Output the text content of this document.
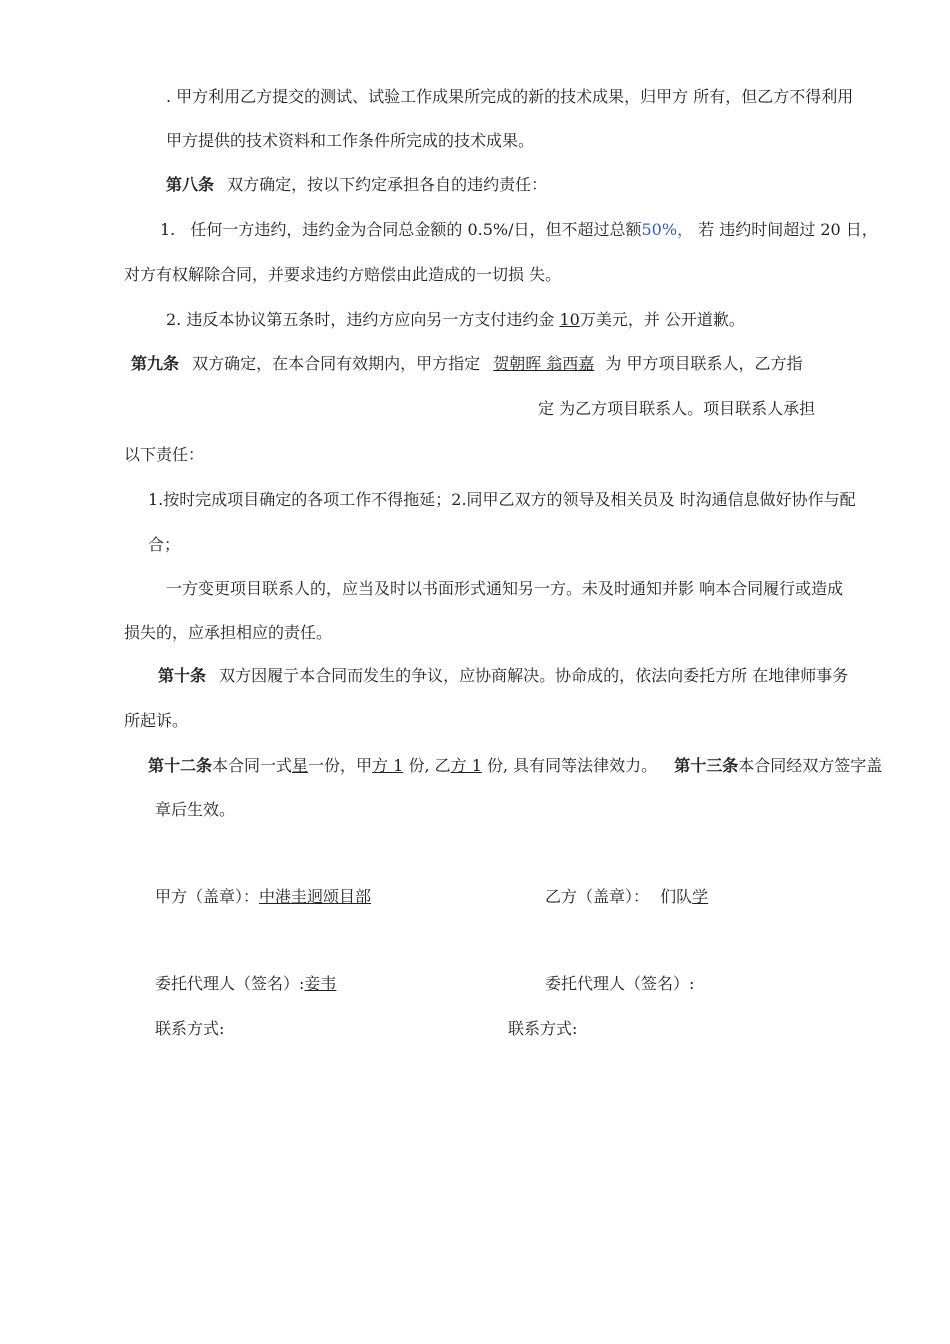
. 甲方利用乙方提交的测试、试验工作成果所完成的新的技术成果，归甲方 所有，但乙方不得利用
甲方提供的技术资料和工作条件所完成的技术成果。
第八条 双方确定，按以下约定承担各自的违约责任：
1. 任何一方违约，违约金为合同总金额的 0.5%/日，但不超过总额50%， 若 违约时间超过 20 日，
对方有权解除合同，并要求违约方赔偿由此造成的一切损 失。
2. 违反本协议第五条时，违约方应向另一方支付违约金 10万美元，并 公开道歉。
第九条 双方确定，在本合同有效期内，甲方指定 贺朝晖 翁西嘉 为 甲方项目联系人，乙方指
定 为乙方项目联系人。项目联系人承担
以下责任：
1.按时完成项目确定的各项工作不得拖延；2.同甲乙双方的领导及相关员及 时沟通信息做好协作与配
合；
一方变更项目联系人的，应当及时以书面形式通知另一方。未及时通知并影 响本合同履行或造成
损失的，应承担相应的责任。
第十条 双方因履亍本合同而发生的争议，应协商解决。协命成的，依法向委托方所 在地律师事务
所起诉。
第十二条本合同一式星一份，甲方 1 份, 乙方 1 份, 具有同等法律效力。 第十三条本合同经双方签字盖
章后生效。
甲方（盖章）：中港圭迥颂目部	乙方（盖章）： 们队学
委托代理人（签名）:妾韦	委托代理人（签名）:
联系方式:	联系方式:
